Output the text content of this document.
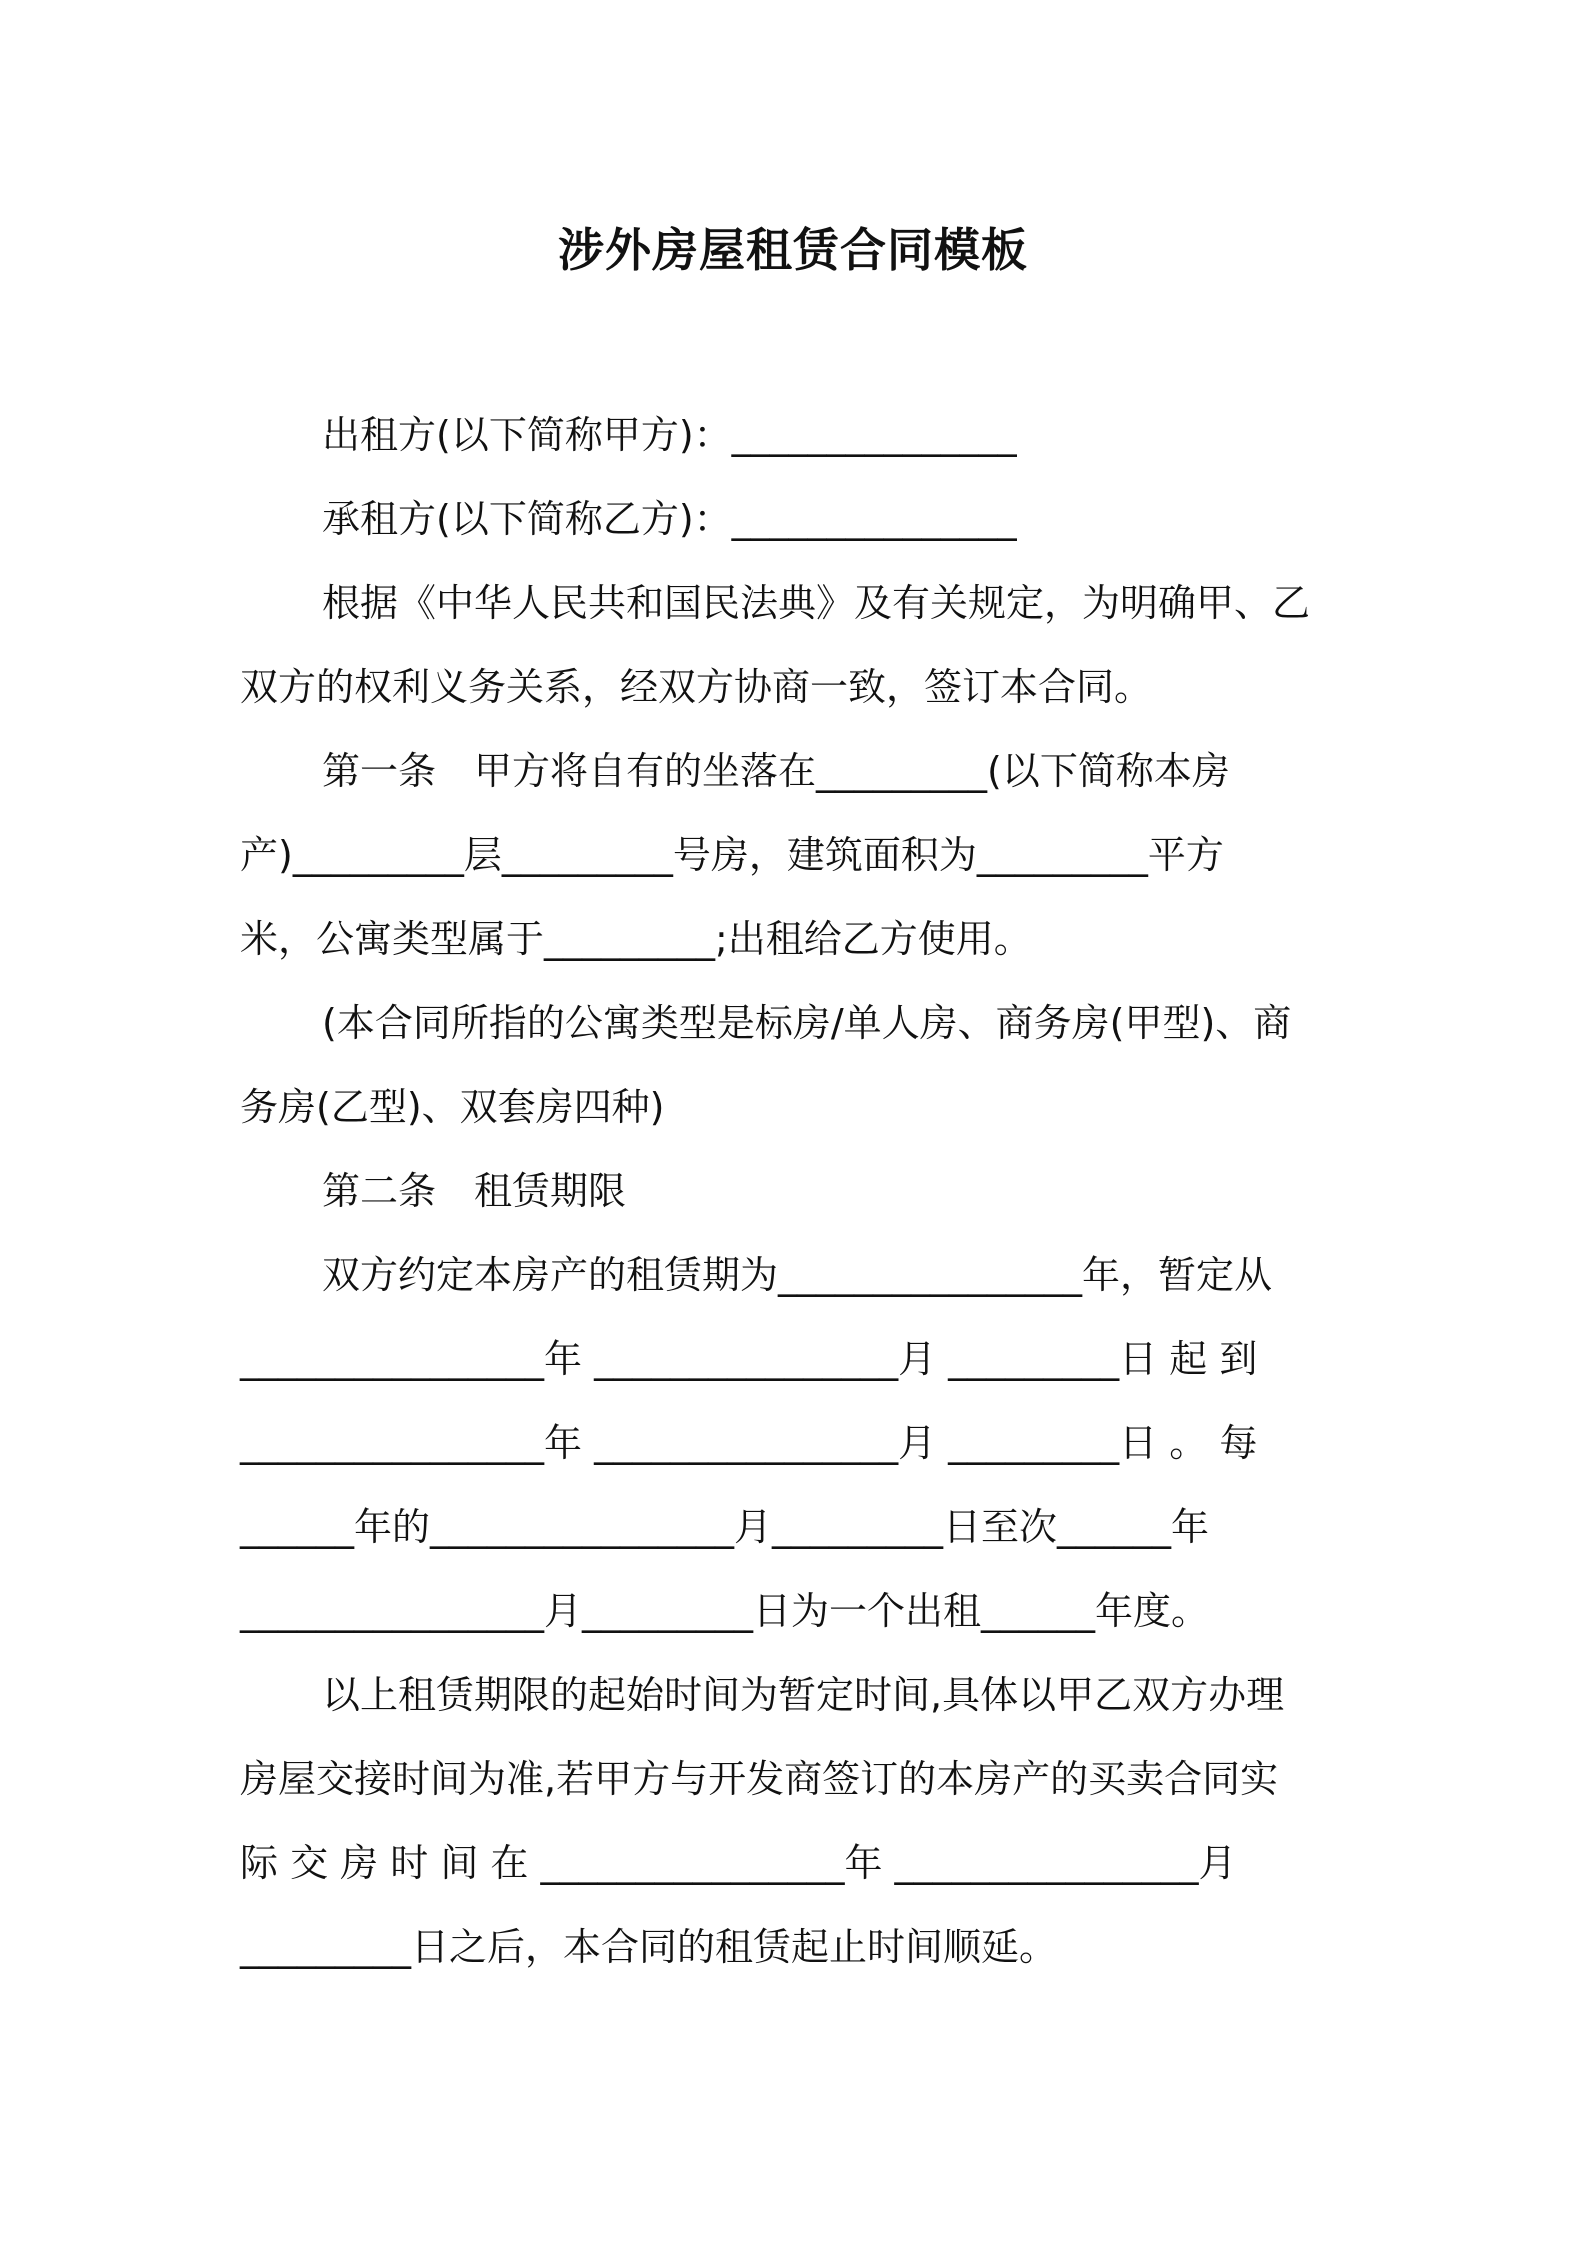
涉外房屋租赁合同模板
出租方(以下简称甲方)：_______________
承租方(以下简称乙方)：_______________
根据《中华人民共和国民法典》及有关规定，为明确甲、乙
双方的权利义务关系，经双方协商一致，签订本合同。
第一条　甲方将自有的坐落在_________(以下简称本房
产)_________层_________号房，建筑面积为_________平方
米，公寓类型属于_________;出租给乙方使用。
(本合同所指的公寓类型是标房/单人房、商务房(甲型)、商
务房(乙型)、双套房四种)
第二条　租赁期限
双方约定本房产的租赁期为________________年，暂定从
________________年 ________________月 _________日 起 到
________________年 ________________月 _________日 。 每
______年的________________月_________日至次______年
________________月_________日为一个出租______年度。
以上租赁期限的起始时间为暂定时间,具体以甲乙双方办理
房屋交接时间为准,若甲方与开发商签订的本房产的买卖合同实
际 交 房 时 间 在 ________________年 ________________月
_________日之后，本合同的租赁起止时间顺延。
